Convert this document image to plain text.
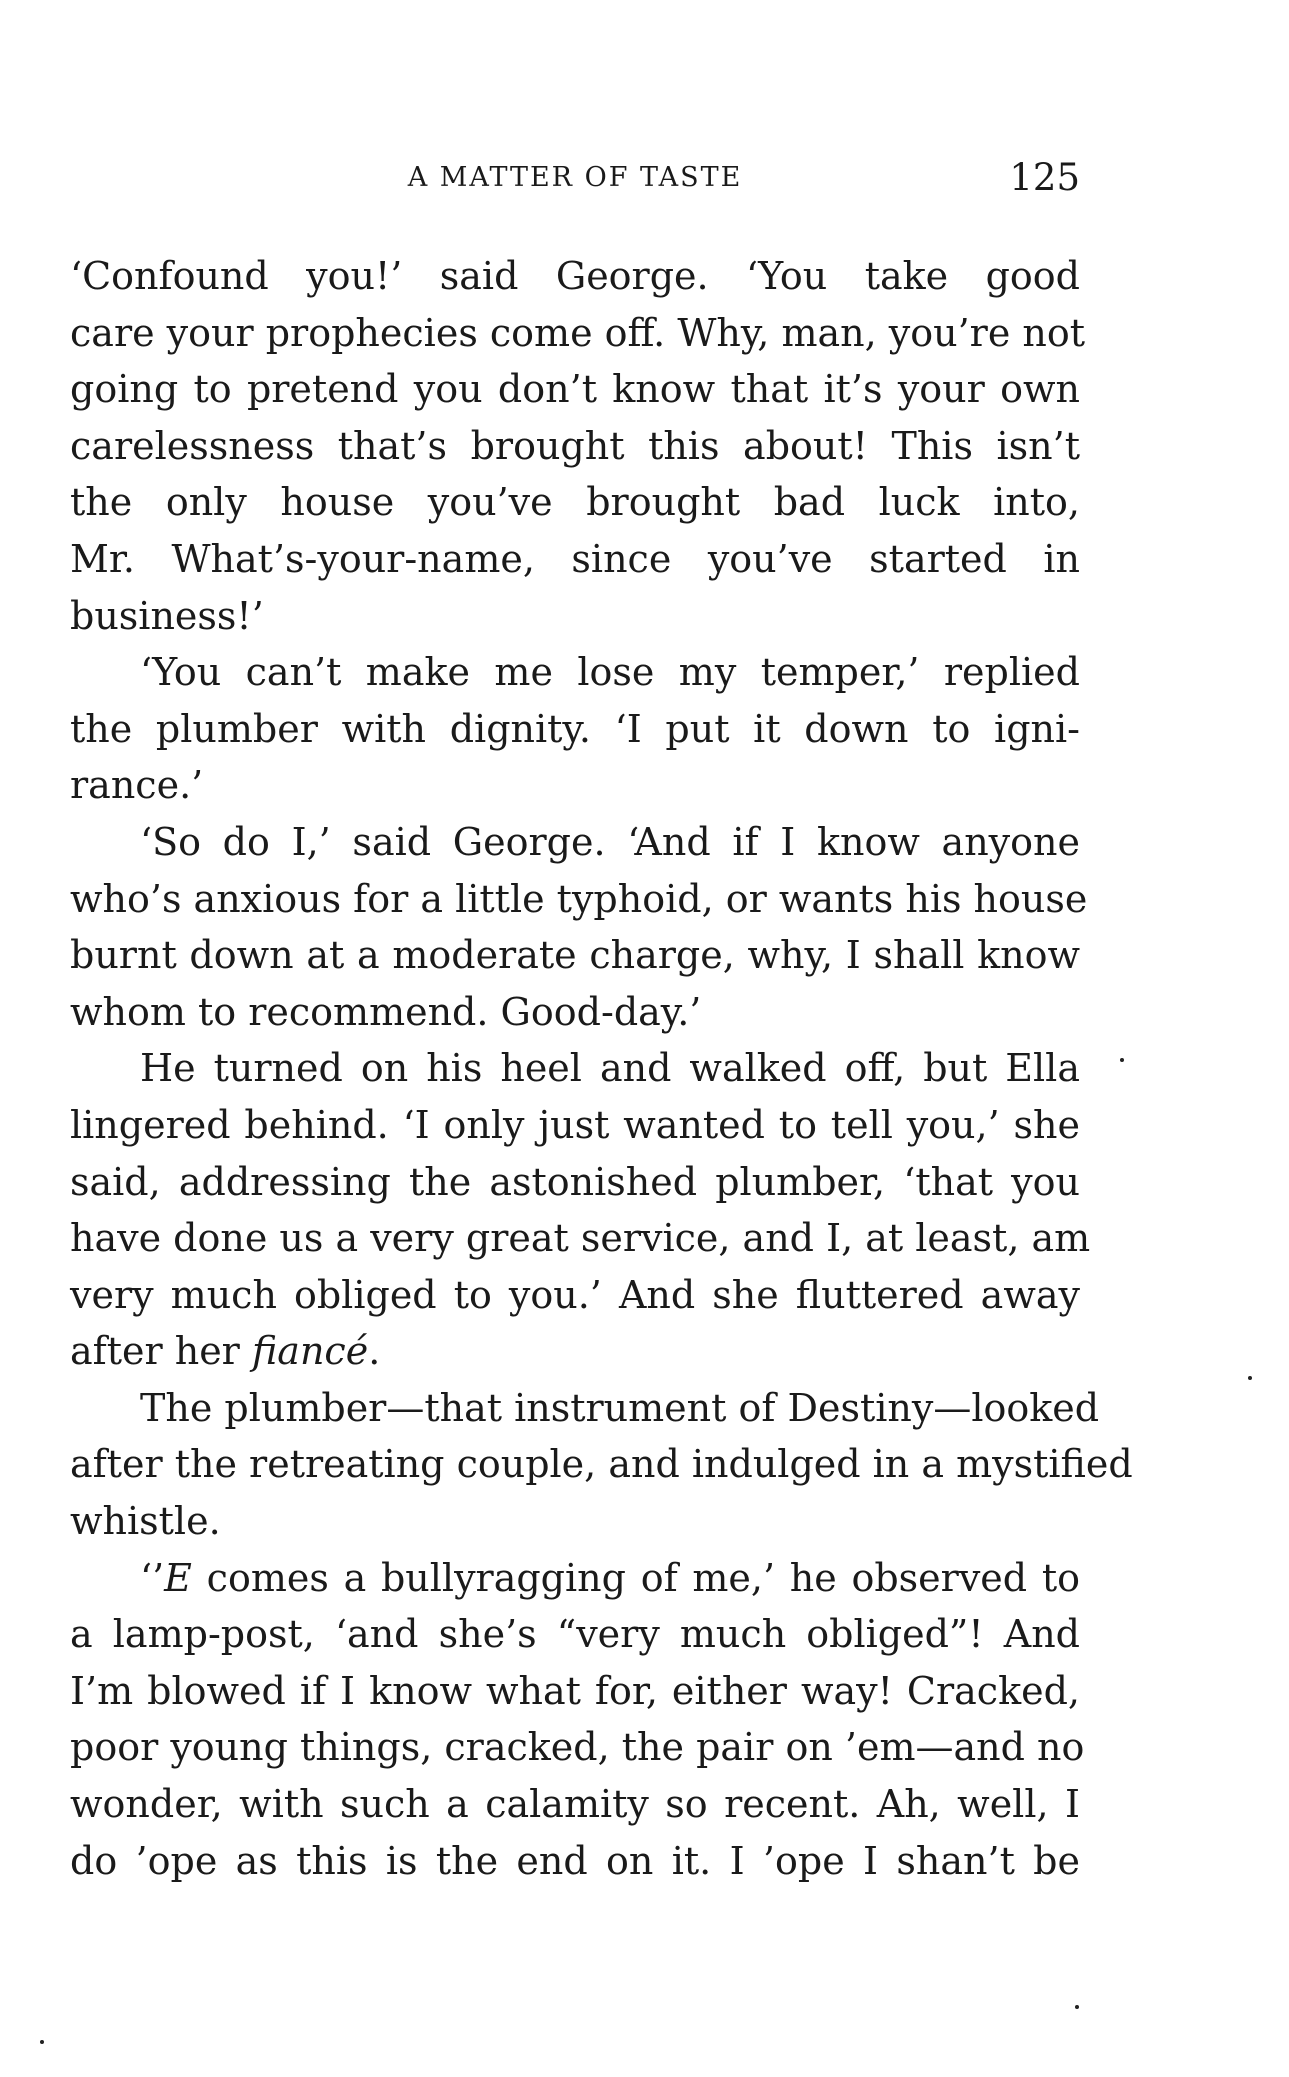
A MATTER OF TASTE	125
‘Confound you!’ said George. ‘You take good
care your prophecies come off. Why, man, you’re not
going to pretend you don’t know that it’s your own
carelessness that’s brought this about! This isn’t
the only house you’ve brought bad luck into,
Mr. What’s-your-name, since you’ve started in
business!’
‘You can’t make me lose my temper,’ replied
the plumber with dignity. ‘I put it down to igni-
rance.’
‘So do I,’ said George. ‘And if I know anyone
who’s anxious for a little typhoid, or wants his house
burnt down at a moderate charge, why, I shall know
whom to recommend. Good-day.’
He turned on his heel and walked off, but Ella
lingered behind. ‘I only just wanted to tell you,’ she
said, addressing the astonished plumber, ‘that you
have done us a very great service, and I, at least, am
very much obliged to you.’ And she fluttered away
after her fiancé.
The plumber—that instrument of Destiny—looked
after the retreating couple, and indulged in a mystified
whistle.
‘’E comes a bullyragging of me,’ he observed to
a lamp-post, ‘and she’s “very much obliged”! And
I’m blowed if I know what for, either way! Cracked,
poor young things, cracked, the pair on ’em—and no
wonder, with such a calamity so recent. Ah, well, I
do ’ope as this is the end on it. I ’ope I shan’t be
